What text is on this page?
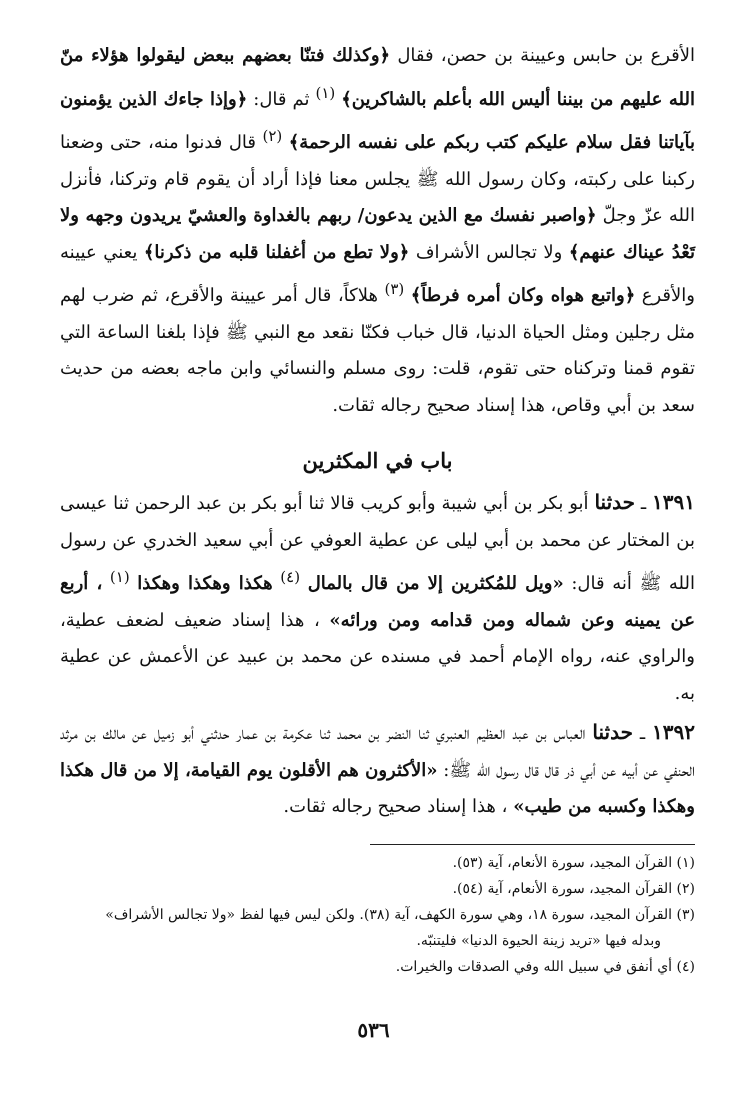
الأقرع بن حابس وعيينة بن حصن، فقال ﴿وكذلك فتنّا بعضهم ببعض ليقولوا هؤلاء منّ الله عليهم من بيننا أليس الله بأعلم بالشاكرين﴾ $^{(١)}$ ثم قال: ﴿وإذا جاءك الذين يؤمنون بآياتنا فقل سلام عليكم كتب ربكم على نفسه الرحمة﴾ $^{(٢)}$ قال فدنوا منه، حتى وضعنا ركبنا على ركبته، وكان رسول الله ﷺ يجلس معنا فإذا أراد أن يقوم قام وتركنا، فأنزل الله عزّ وجلّ ﴿واصبر نفسك مع الذين يدعون/ ربهم بالغداوة والعشيّ يريدون وجهه ولا تَعْدُ عيناك عنهم﴾ ولا تجالس الأشراف ﴿ولا تطع من أغفلنا قلبه من ذكرنا﴾ يعني عيينه والأقرع ﴿واتبع هواه وكان أمره فرطاً﴾ $^{(٣)}$ هلاكاً، قال أمر عيينة والأقرع، ثم ضرب لهم مثل رجلين ومثل الحياة الدنيا، قال خباب فكنّا نقعد مع النبي ﷺ فإذا بلغنا الساعة التي تقوم قمنا وتركناه حتى تقوم، قلت: روى مسلم والنسائي وابن ماجه بعضه من حديث سعد بن أبي وقاص، هذا إسناد صحيح رجاله ثقات.

باب في المكثرين

١٣٩١ ـ حدثنا أبو بكر بن أبي شيبة وأبو كريب قالا ثنا أبو بكر بن عبد الرحمن ثنا عيسى بن المختار عن محمد بن أبي ليلى عن عطية العوفي عن أبي سعيد الخدري عن رسول الله ﷺ أنه قال: «ويل للمُكثرين إلا من قال بالمال $^{(٤)}$ هكذا وهكذا وهكذا $^{(١)}$ ، أربع عن يمينه وعن شماله ومن قدامه ومن ورائه» ، هذا إسناد ضعيف لضعف عطية، والراوي عنه، رواه الإمام أحمد في مسنده عن محمد بن عبيد عن الأعمش عن عطية به.

١٣٩٢ ـ حدثنا العباس بن عبد العظيم العنبري ثنا النضر بن محمد ثنا عكرمة بن عمار حدثني أبو زميل عن مالك بن مرثد الحنفي عن أبيه عن أبي ذر قال قال رسول الله ﷺ: «الأكثرون هم الأقلون يوم القيامة، إلا من قال هكذا وهكذا وكسبه من طيب» ، هذا إسناد صحيح رجاله ثقات.

(١) القرآن المجيد، سورة الأنعام، آية (٥٣).

(٢) القرآن المجيد، سورة الأنعام، آية (٥٤).

(٣) القرآن المجيد، سورة ١٨، وهي سورة الكهف، آية (٣٨). ولكن ليس فيها لفظ «ولا تجالس الأشراف»

وبدله فيها «تريد زينة الحيوة الدنيا» فليتنبّه.

(٤) أي أنفق في سبيل الله وفي الصدقات والخيرات.

٥٣٦
